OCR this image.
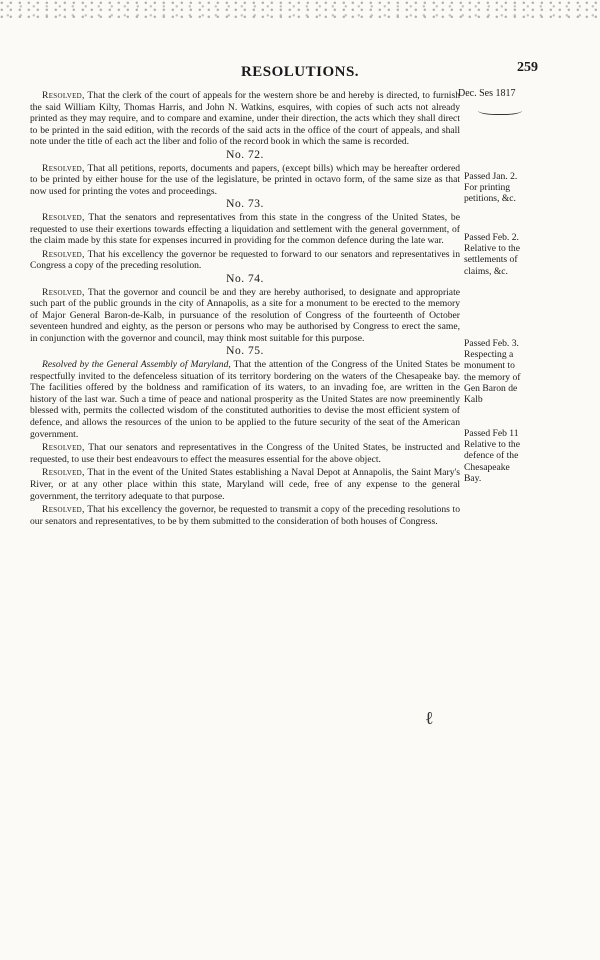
RESOLUTIONS.	259
Dec. Ses 1817
Passed Jan. 2.
For printing
petitions, &c.
Passed Feb. 2.
Relative to the
settlements of
claims, &c.
Passed Feb. 3.
Respecting a
monument to
the memory of
Gen Baron de
Kalb
Passed Feb 11
Relative to the
defence of the
Chesapeake
Bay.

Resolved, That the clerk of the court of appeals for the western shore be and hereby is directed, to furnish the said William Kilty, Thomas Harris, and John N. Watkins, esquires, with copies of such acts not already printed as they may require, and to compare and examine, under their direction, the acts which they shall direct to be printed in the said edition, with the records of the said acts in the office of the court of appeals, and shall note under the title of each act the liber and folio of the record book in which the same is recorded.

No. 72.

Resolved, That all petitions, reports, documents and papers, (except bills) which may be hereafter ordered to be printed by either house for the use of the legislature, be printed in octavo form, of the same size as that now used for printing the votes and proceedings.

No. 73.

Resolved, That the senators and representatives from this state in the congress of the United States, be requested to use their exertions towards effecting a liquidation and settlement with the general government, of the claim made by this state for expenses incurred in providing for the common defence during the late war.

Resolved, That his excellency the governor be requested to forward to our senators and representatives in Congress a copy of the preceding resolution.

No. 74.

Resolved, That the governor and council be and they are hereby authorised, to designate and appropriate such part of the public grounds in the city of Annapolis, as a site for a monument to be erected to the memory of Major General Baron-de-Kalb, in pursuance of the resolution of Congress of the fourteenth of October seventeen hundred and eighty, as the person or persons who may be authorised by Congress to erect the same, in conjunction with the governor and council, may think most suitable for this purpose.

No. 75.

Resolved by the General Assembly of Maryland, That the attention of the Congress of the United States be respectfully invited to the defenceless situation of its territory bordering on the waters of the Chesapeake bay. The facilities offered by the boldness and ramification of its waters, to an invading foe, are written in the history of the last war. Such a time of peace and national prosperity as the United States are now preeminently blessed with, permits the collected wisdom of the constituted authorities to devise the most efficient system of defence, and allows the resources of the union to be applied to the future security of the seat of the American government.

Resolved, That our senators and representatives in the Congress of the United States, be instructed and requested, to use their best endeavours to effect the measures essential for the above object.

Resolved, That in the event of the United States establishing a Naval Depot at Annapolis, the Saint Mary's River, or at any other place within this state, Maryland will cede, free of any expense to the general government, the territory adequate to that purpose.

Resolved, That his excellency the governor, be requested to transmit a copy of the preceding resolutions to our senators and representatives, to be by them submitted to the consideration of both houses of Congress.

ℓ
